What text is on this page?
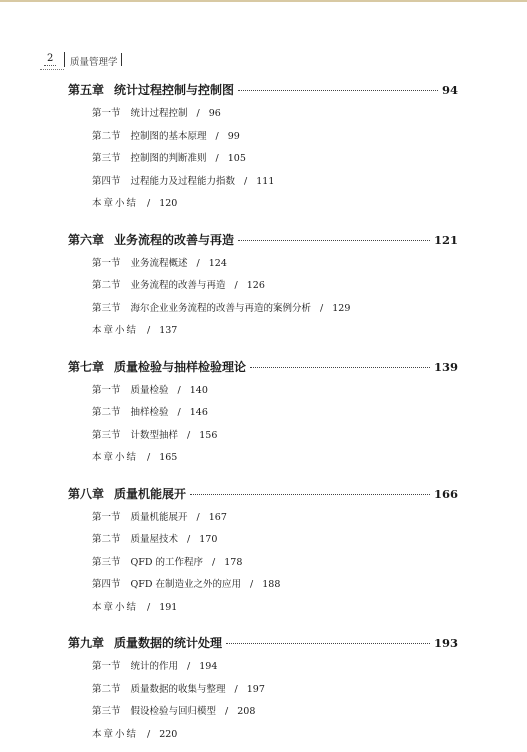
2	质量管理学
第五章 统计过程控制与控制图	94
第一节 统计过程控制 / 96
第二节 控制图的基本原理 / 99
第三节 控制图的判断准则 / 105
第四节 过程能力及过程能力指数 / 111
本章小结 / 120
第六章 业务流程的改善与再造	121
第一节 业务流程概述 / 124
第二节 业务流程的改善与再造 / 126
第三节 海尔企业业务流程的改善与再造的案例分析 / 129
本章小结 / 137
第七章 质量检验与抽样检验理论	139
第一节 质量检验 / 140
第二节 抽样检验 / 146
第三节 计数型抽样 / 156
本章小结 / 165
第八章 质量机能展开	166
第一节 质量机能展开 / 167
第二节 质量屋技术 / 170
第三节 QFD 的工作程序 / 178
第四节 QFD 在制造业之外的应用 / 188
本章小结 / 191
第九章 质量数据的统计处理	193
第一节 统计的作用 / 194
第二节 质量数据的收集与整理 / 197
第三节 假设检验与回归模型 / 208
本章小结 / 220
